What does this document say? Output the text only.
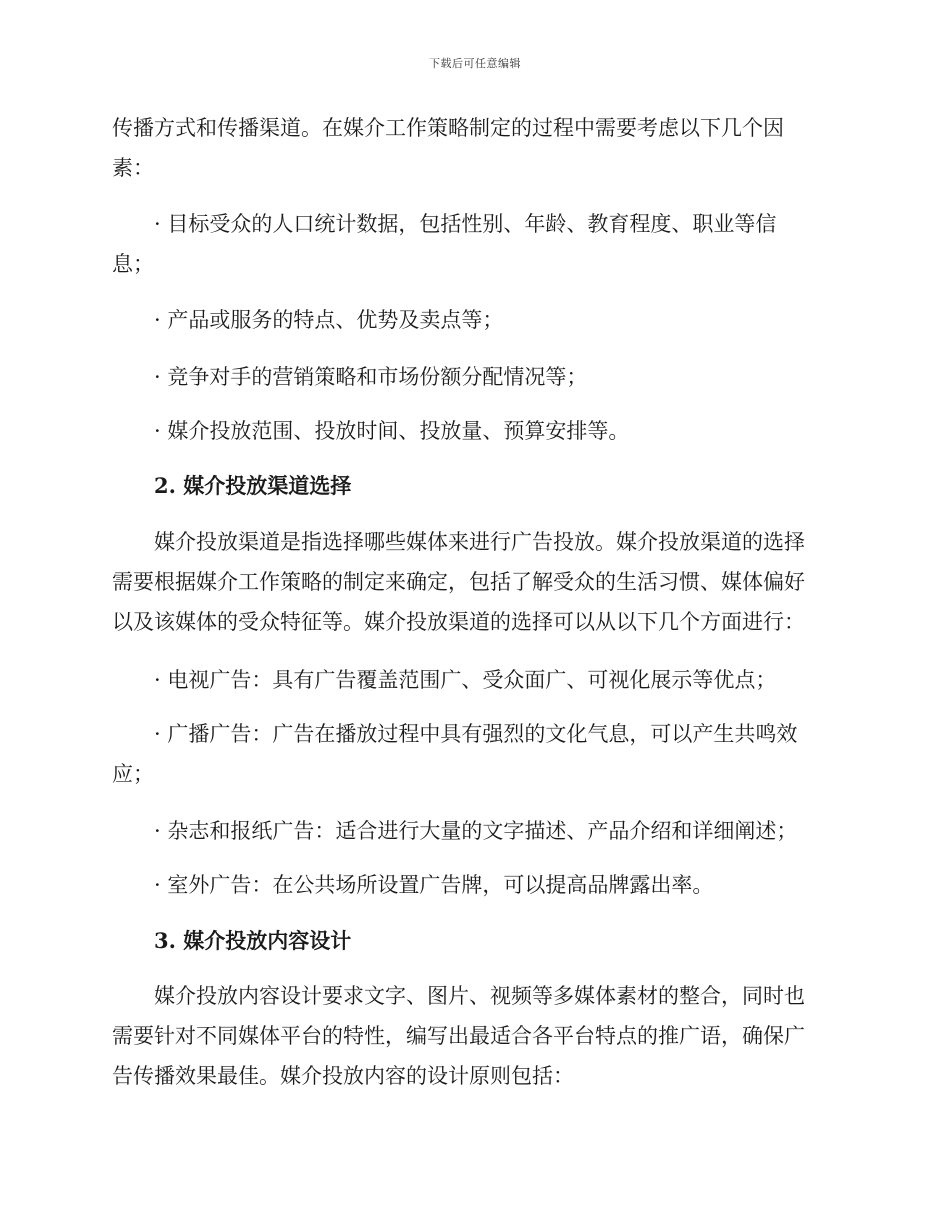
下载后可任意编辑
传播方式和传播渠道。在媒介工作策略制定的过程中需要考虑以下几个因
素：
· 目标受众的人口统计数据，包括性别、年龄、教育程度、职业等信
息；
· 产品或服务的特点、优势及卖点等；
· 竞争对手的营销策略和市场份额分配情况等；
· 媒介投放范围、投放时间、投放量、预算安排等。
2. 媒介投放渠道选择
媒介投放渠道是指选择哪些媒体来进行广告投放。媒介投放渠道的选择
需要根据媒介工作策略的制定来确定，包括了解受众的生活习惯、媒体偏好
以及该媒体的受众特征等。媒介投放渠道的选择可以从以下几个方面进行：
· 电视广告：具有广告覆盖范围广、受众面广、可视化展示等优点；
· 广播广告：广告在播放过程中具有强烈的文化气息，可以产生共鸣效
应；
· 杂志和报纸广告：适合进行大量的文字描述、产品介绍和详细阐述；
· 室外广告：在公共场所设置广告牌，可以提高品牌露出率。
3. 媒介投放内容设计
媒介投放内容设计要求文字、图片、视频等多媒体素材的整合，同时也
需要针对不同媒体平台的特性，编写出最适合各平台特点的推广语，确保广
告传播效果最佳。媒介投放内容的设计原则包括：
